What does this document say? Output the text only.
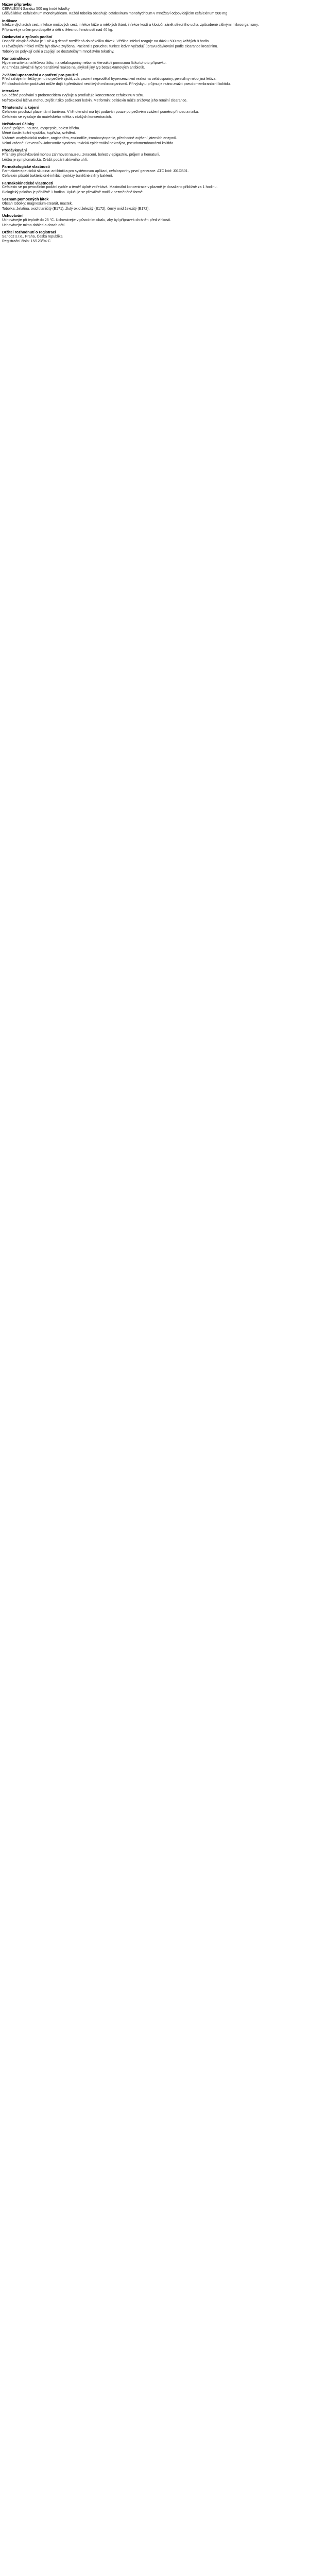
Název přípravku

CEFALEXIN Sandoz 500 mg tvrdé tobolky

Léčivá látka: cefalexinum monohydricum. Každá tobolka obsahuje cefalexinum monohydricum v množství odpovídajícím cefalexinum 500 mg.

Indikace

Infekce dýchacích cest, infekce močových cest, infekce kůže a měkkých tkání, infekce kostí a kloubů, zánět středního ucha, způsobené citlivými mikroorganismy.

Přípravek je určen pro dospělé a děti s tělesnou hmotností nad 40 kg.

Dávkování a způsob podání

Dospělí: obvyklá dávka je 1 až 4 g denně rozdělená do několika dávek. Většina infekcí reaguje na dávku 500 mg každých 8 hodin.

U závažných infekcí může být dávka zvýšena. Pacienti s poruchou funkce ledvin vyžadují úpravu dávkování podle clearance kreatininu.

Tobolky se polykají celé a zapíjejí se dostatečným množstvím tekutiny.

Kontraindikace

Hypersenzitivita na léčivou látku, na cefalosporiny nebo na kteroukoli pomocnou látku tohoto přípravku.

Anamnéza závažné hypersenzitivní reakce na jakýkoli jiný typ betalaktamových antibiotik.

Zvláštní upozornění a opatření pro použití

Před zahájením léčby je nutno pečlivě zjistit, zda pacient neprodělal hypersenzitivní reakci na cefalosporiny, peniciliny nebo jiná léčiva.

Při dlouhodobém podávání může dojít k přerůstání necitlivých mikroorganismů. Při výskytu průjmu je nutno zvážit pseudomembranózní kolitidu.

Interakce

Souběžné podávání s probenecidem zvyšuje a prodlužuje koncentrace cefalexinu v séru.

Nefrotoxická léčiva mohou zvýšit riziko poškození ledvin. Metformin: cefalexin může snižovat jeho renální clearance.

Těhotenství a kojení

Cefalexin prochází placentární bariérou. V těhotenství má být podáván pouze po pečlivém zvážení poměru přínosu a rizika.

Cefalexin se vylučuje do mateřského mléka v nízkých koncentracích.

Nežádoucí účinky

Časté: průjem, nauzea, dyspepsie, bolest břicha.

Méně časté: kožní vyrážka, kopřivka, svědění.

Vzácné: anafylaktická reakce, angioedém, eozinofilie, trombocytopenie, přechodné zvýšení jaterních enzymů.

Velmi vzácné: Stevensův-Johnsonův syndrom, toxická epidermální nekrolýza, pseudomembranózní kolitida.

Předávkování

Příznaky předávkování mohou zahrnovat nauzeu, zvracení, bolest v epigastriu, průjem a hematurii.

Léčba je symptomatická. Zvážit podání aktivního uhlí.

Farmakologické vlastnosti

Farmakoterapeutická skupina: antibiotika pro systémovou aplikaci, cefalosporiny první generace. ATC kód: J01DB01.

Cefalexin působí baktericidně inhibicí syntézy buněčné stěny bakterií.

Farmakokinetické vlastnosti

Cefalexin se po perorálním podání rychle a téměř úplně vstřebává. Maximální koncentrace v plazmě je dosaženo přibližně za 1 hodinu.

Biologický poločas je přibližně 1 hodina. Vylučuje se převážně močí v nezměněné formě.

Seznam pomocných látek

Obsah tobolky: magnesium-stearát, mastek.

Tobolka: želatina, oxid titaničitý (E171), žlutý oxid železitý (E172), černý oxid železitý (E172).

Uchovávání

Uchovávejte při teplotě do 25 °C. Uchovávejte v původním obalu, aby byl přípravek chráněn před vlhkostí.

Uchovávejte mimo dohled a dosah dětí.

Držitel rozhodnutí o registraci

Sandoz s.r.o., Praha, Česká republika

Registrační číslo: 15/123/94-C
